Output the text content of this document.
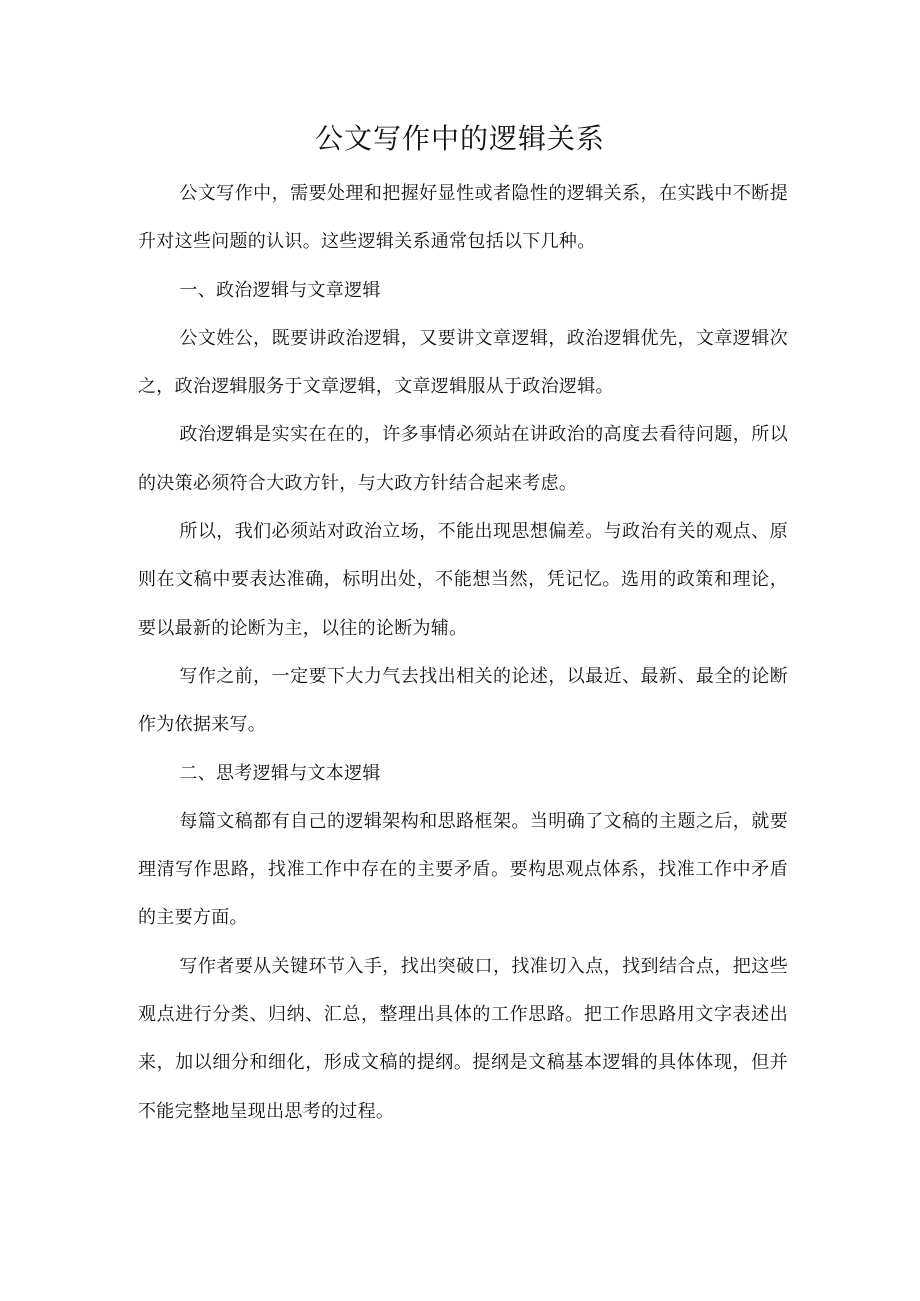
公文写作中的逻辑关系

公文写作中，需要处理和把握好显性或者隐性的逻辑关系，在实践中不断提升对这些问题的认识。这些逻辑关系通常包括以下几种。

一、政治逻辑与文章逻辑

公文姓公，既要讲政治逻辑，又要讲文章逻辑，政治逻辑优先，文章逻辑次之，政治逻辑服务于文章逻辑，文章逻辑服从于政治逻辑。

政治逻辑是实实在在的，许多事情必须站在讲政治的高度去看待问题，所以的决策必须符合大政方针，与大政方针结合起来考虑。

所以，我们必须站对政治立场，不能出现思想偏差。与政治有关的观点、原则在文稿中要表达准确，标明出处，不能想当然，凭记忆。选用的政策和理论，要以最新的论断为主，以往的论断为辅。

写作之前，一定要下大力气去找出相关的论述，以最近、最新、最全的论断作为依据来写。

二、思考逻辑与文本逻辑

每篇文稿都有自己的逻辑架构和思路框架。当明确了文稿的主题之后，就要理清写作思路，找准工作中存在的主要矛盾。要构思观点体系，找准工作中矛盾的主要方面。

写作者要从关键环节入手，找出突破口，找准切入点，找到结合点，把这些观点进行分类、归纳、汇总，整理出具体的工作思路。把工作思路用文字表述出来，加以细分和细化，形成文稿的提纲。提纲是文稿基本逻辑的具体体现，但并不能完整地呈现出思考的过程。
